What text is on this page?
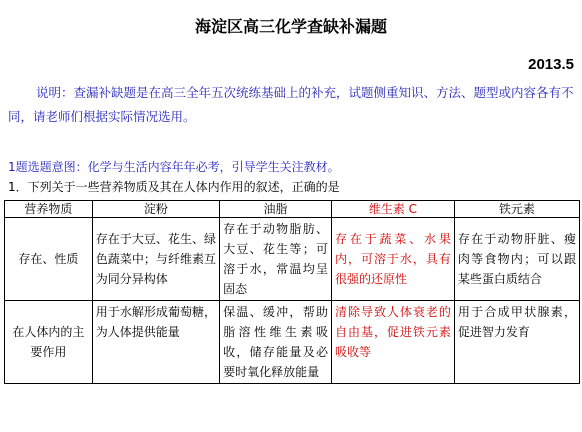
海淀区高三化学查缺补漏题
2013.5
说明：查漏补缺题是在高三全年五次统练基础上的补充，试题侧重知识、方法、题型或内容各有不同，请老师们根据实际情况选用。
1题选题意图：化学与生活内容年年必考，引导学生关注教材。
1．下列关于一些营养物质及其在人体内作用的叙述，正确的是
营养物质	淀粉	油脂	维生素 C	铁元素
存在、性质	存在于大豆、花生、绿色蔬菜中；与纤维素互为同分异构体	存在于动物脂肪、大豆、花生等；可溶于水，常温均呈固态	存在于蔬菜、水果内，可溶于水，具有很强的还原性	存在于动物肝脏、瘦肉等食物内；可以跟某些蛋白质结合
在人体内的主要作用	用于水解形成葡萄糖，为人体提供能量	保温、缓冲，帮助脂溶性维生素吸收，储存能量及必要时氧化释放能量	清除导致人体衰老的自由基，促进铁元素吸收等	用于合成甲状腺素，促进智力发育
